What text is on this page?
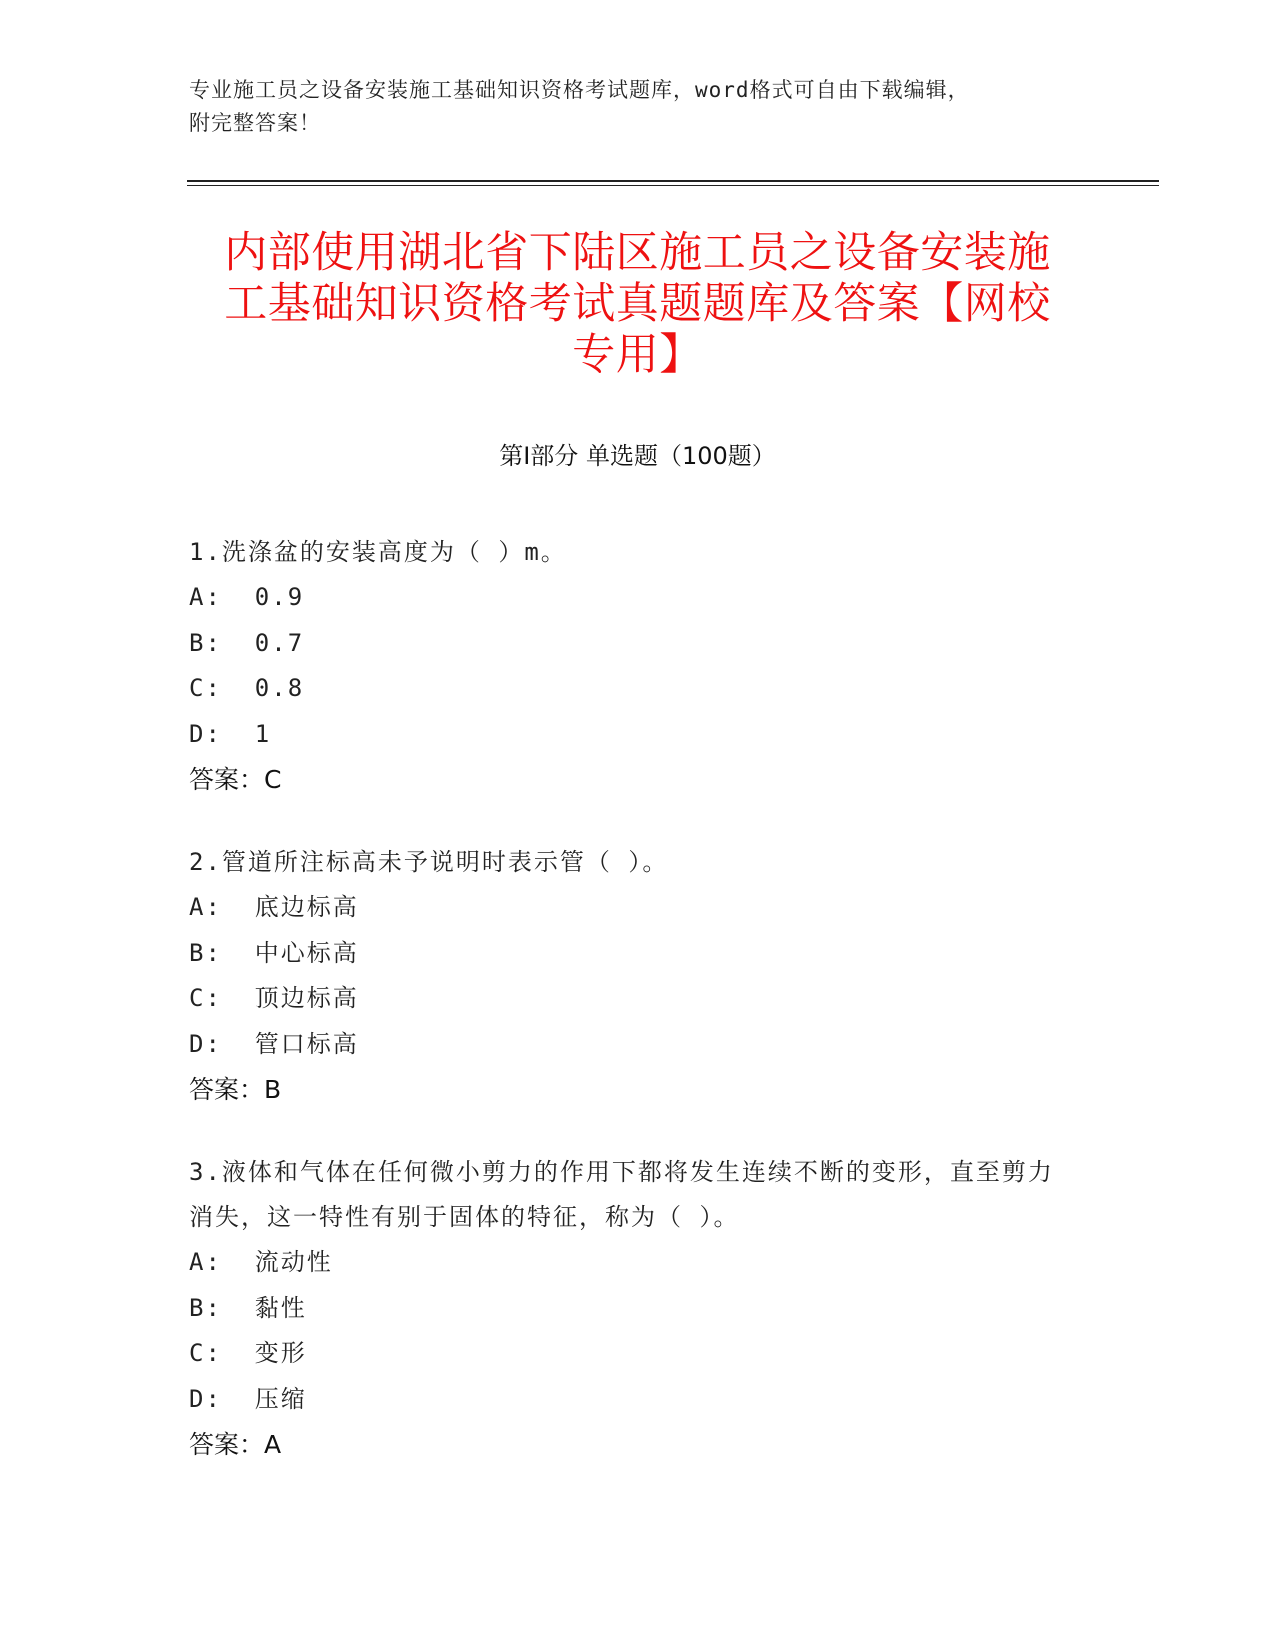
专业施工员之设备安装施工基础知识资格考试题库，word格式可自由下载编辑，
附完整答案！
内部使用湖北省下陆区施工员之设备安装施
工基础知识资格考试真题题库及答案【网校
专用】
第Ⅰ部分 单选题（100题）
1.洗涤盆的安装高度为（ ）m。
A:  0.9
B:  0.7
C:  0.8
D:  1
答案：C
2.管道所注标高未予说明时表示管（ ）。
A:  底边标高
B:  中心标高
C:  顶边标高
D:  管口标高
答案：B
3.液体和气体在任何微小剪力的作用下都将发生连续不断的变形，直至剪力消失，这一特性有别于固体的特征，称为（ ）。
A:  流动性
B:  黏性
C:  变形
D:  压缩
答案：A
